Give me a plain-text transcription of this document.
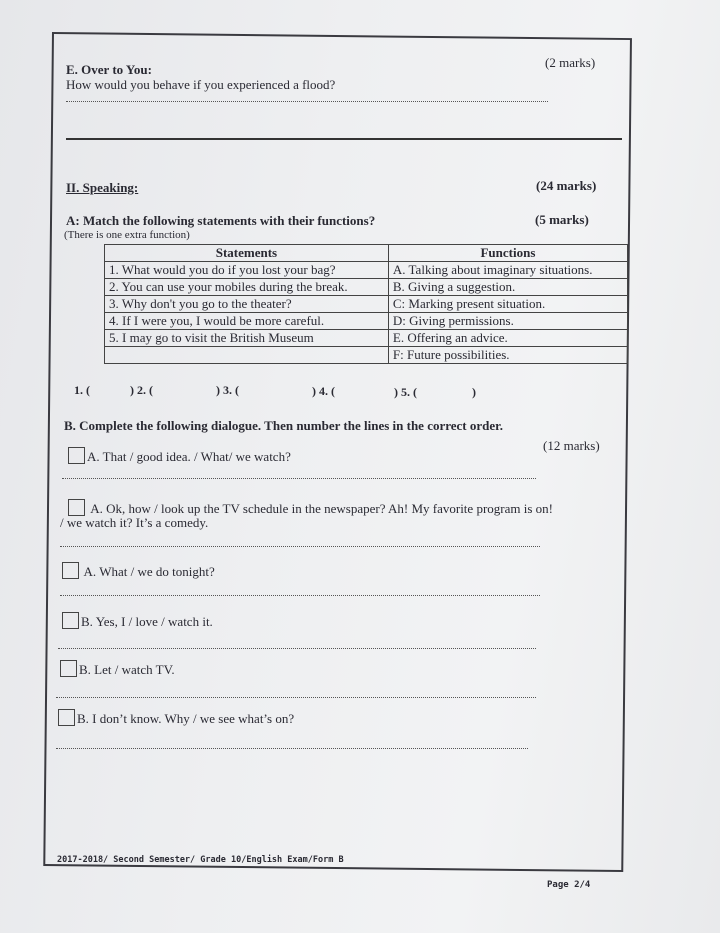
E. Over to You:	(2 marks)
How would you behave if you experienced a flood?
II. Speaking:	(24 marks)
A: Match the following statements with their functions?	(5 marks)
(There is one extra function)
Statements	Functions
1. What would you do if you lost your bag?	A. Talking about imaginary situations.
2. You can use your mobiles during the break.	B. Giving a suggestion.
3. Why don't you go to the theater?	C: Marking present situation.
4. If I were you, I would be more careful.	D: Giving permissions.
5. I may go to visit the British Museum	E. Offering an advice.
	F: Future possibilities.
1. (	) 2. (	) 3. (	) 4. (	) 5. (	)
B. Complete the following dialogue. Then number the lines in the correct order.
(12 marks)
A. That / good idea. / What/ we watch?
A. Ok, how / look up the TV schedule in the newspaper? Ah! My favorite program is on!
/ we watch it? It’s a comedy.
A. What / we do tonight?
B. Yes, I / love / watch it.
B. Let / watch TV.
B. I don’t know. Why / we see what’s on?
2017-2018/ Second Semester/ Grade 10/English Exam/Form B
Page 2/4
